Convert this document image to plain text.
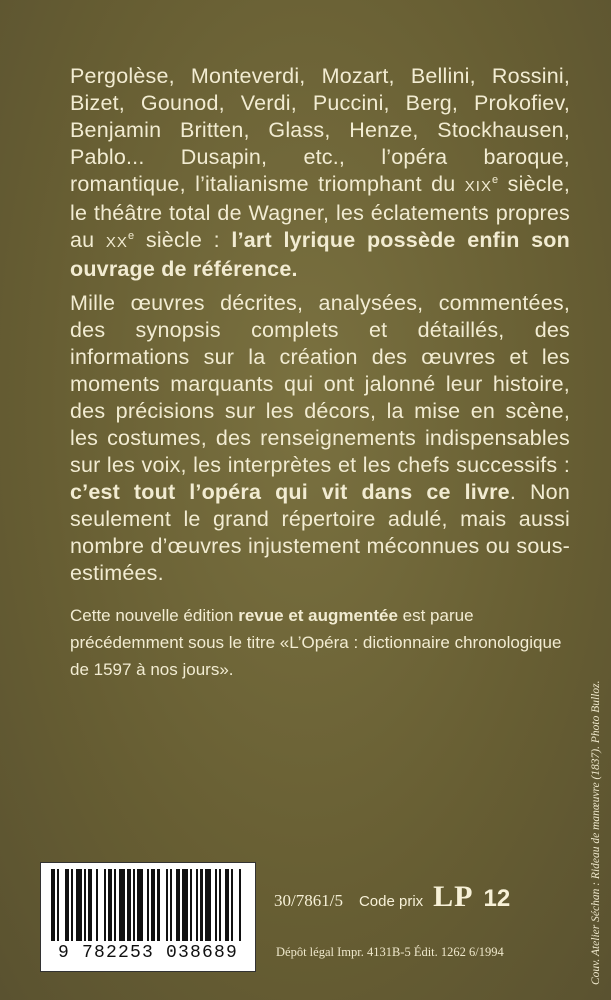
Pergolèse, Monteverdi, Mozart, Bellini, Rossini, Bizet, Gounod, Verdi, Puccini, Berg, Prokofiev, Benjamin Britten, Glass, Henze, Stockhausen, Pablo... Dusapin, etc., l’opéra baroque, romantique, l’italianisme triomphant du XIXe siècle, le théâtre total de Wagner, les éclatements propres au XXe siècle : l’art lyrique possède enfin son ouvrage de référence.

Mille œuvres décrites, analysées, commentées, des synopsis complets et détaillés, des informations sur la création des œuvres et les moments marquants qui ont jalonné leur histoire, des précisions sur les décors, la mise en scène, les costumes, des renseignements indispensables sur les voix, les interprètes et les chefs successifs : c’est tout l’opéra qui vit dans ce livre. Non seulement le grand répertoire adulé, mais aussi nombre d’œuvres injustement méconnues ou sous-estimées.

Cette nouvelle édition revue et augmentée est parue précédemment sous le titre «L’Opéra : dictionnaire chronologique de 1597 à nos jours».

9 782253 038689
30/7861/5 Code prix LP 12
Dépôt légal Impr. 4131B-5 Édit. 1262 6/1994	Couv. Atelier Séchan : Rideau de manœuvre (1837). Photo Bulloz.
